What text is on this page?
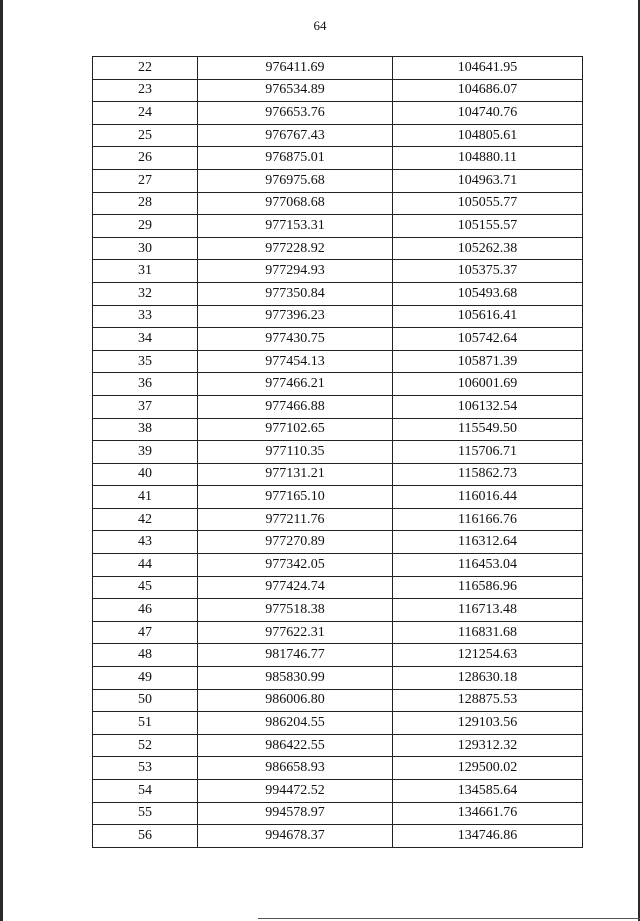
64
22	976411.69	104641.95
23	976534.89	104686.07
24	976653.76	104740.76
25	976767.43	104805.61
26	976875.01	104880.11
27	976975.68	104963.71
28	977068.68	105055.77
29	977153.31	105155.57
30	977228.92	105262.38
31	977294.93	105375.37
32	977350.84	105493.68
33	977396.23	105616.41
34	977430.75	105742.64
35	977454.13	105871.39
36	977466.21	106001.69
37	977466.88	106132.54
38	977102.65	115549.50
39	977110.35	115706.71
40	977131.21	115862.73
41	977165.10	116016.44
42	977211.76	116166.76
43	977270.89	116312.64
44	977342.05	116453.04
45	977424.74	116586.96
46	977518.38	116713.48
47	977622.31	116831.68
48	981746.77	121254.63
49	985830.99	128630.18
50	986006.80	128875.53
51	986204.55	129103.56
52	986422.55	129312.32
53	986658.93	129500.02
54	994472.52	134585.64
55	994578.97	134661.76
56	994678.37	134746.86
